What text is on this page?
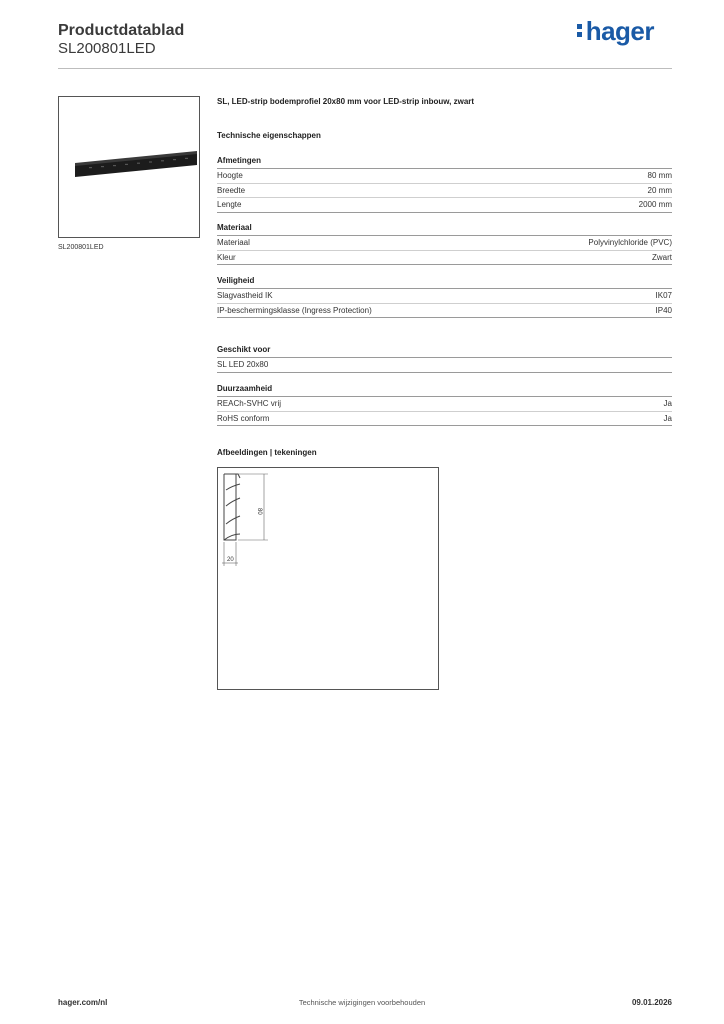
Productdatablad
SL200801LED
hager
SL200801LED
SL, LED-strip bodemprofiel 20x80 mm voor LED-strip inbouw, zwart
Technische eigenschappen
Afmetingen
Hoogte	80 mm
Breedte	20 mm
Lengte	2000 mm
Materiaal
Materiaal	Polyvinylchloride (PVC)
Kleur	Zwart
Veiligheid
Slagvastheid IK	IK07
IP-beschermingsklasse (Ingress Protection)	IP40
Geschikt voor
SL LED 20x80
Duurzaamheid
REACh-SVHC vrij	Ja
RoHS conform	Ja
Afbeeldingen | tekeningen
80
20
hager.com/nl	Technische wijzigingen voorbehouden	09.01.2026
